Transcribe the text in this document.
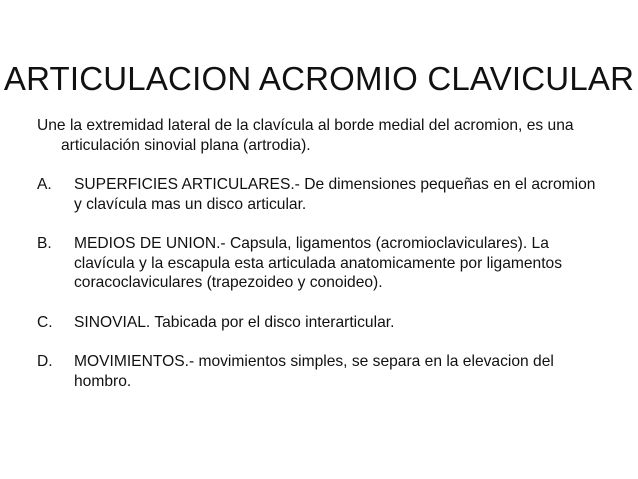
ARTICULACION ACROMIO CLAVICULAR

Une la extremidad lateral de la clavícula al borde medial del acromion, es una articulación sinovial plana (artrodia).

A.	SUPERFICIES ARTICULARES.- De dimensiones pequeñas en el acromion y clavícula mas un disco articular.
B.	MEDIOS DE UNION.- Capsula, ligamentos (acromioclaviculares). La clavícula y la escapula esta articulada anatomicamente por ligamentos coracoclaviculares (trapezoideo y conoideo).
C.	SINOVIAL. Tabicada por el disco interarticular.
D.	MOVIMIENTOS.- movimientos simples, se separa en la elevacion del hombro.
